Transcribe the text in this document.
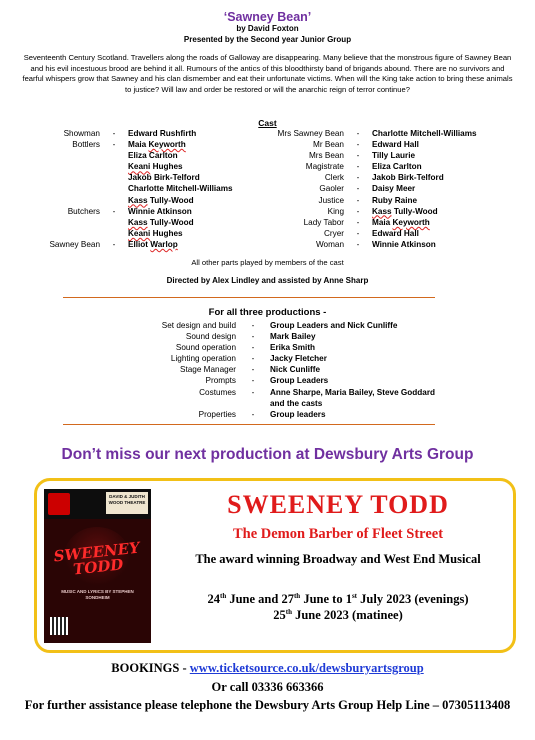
‘Sawney Bean’
by David Foxton
Presented by the Second year Junior Group
Seventeenth Century Scotland. Travellers along the roads of Galloway are disappearing. Many believe that the monstrous figure of Sawney Bean and his evil incestuous brood are behind it all. Rumours of the antics of this bloodthirsty band of brigands abound. There are no survivors and fearful whispers grow that Sawney and his clan dismember and eat their unfortunate victims. When will the King take action to bring these animals to justice? Will law and order be restored or will the anarchic reign of terror continue?
Cast
Showman	-	Edward Rushfirth
Bottlers	-	Maia Keyworth
Eliza Carlton
Keani Hughes
Jakob Birk-Telford
Charlotte Mitchell-Williams
Kass Tully-Wood
Butchers	-	Winnie Atkinson
Kass Tully-Wood
Keani Hughes
Sawney Bean	-	Elliot Warlop
Mrs Sawney Bean	-	Charlotte Mitchell-Williams
Mr Bean	-	Edward Hall
Mrs Bean	-	Tilly Laurie
Magistrate	-	Eliza Carlton
Clerk	-	Jakob Birk-Telford
Gaoler	-	Daisy Meer
Justice	-	Ruby Raine
King	-	Kass Tully-Wood
Lady Tabor	-	Maia Keyworth
Cryer	-	Edward Hall
Woman	-	Winnie Atkinson
All other parts played by members of the cast
Directed by Alex Lindley and assisted by Anne Sharp
For all three productions -
Set design and build	-	Group Leaders and Nick Cunliffe
Sound design	-	Mark Bailey
Sound operation	-	Erika Smith
Lighting operation	-	Jacky Fletcher
Stage Manager	-	Nick Cunliffe
Prompts	-	Group Leaders
Costumes	-	Anne Sharpe, Maria Bailey, Steve Goddard
and the casts
Properties	-	Group leaders
Don’t miss our next production at Dewsbury Arts Group
DAVID & JUDITH WOOD THEATRE
SWEENEY TODD
MUSIC AND LYRICS BY STEPHEN SONDHEIM
SWEENEY TODD
The Demon Barber of Fleet Street
The award winning Broadway and West End Musical
24th June and 27th June to 1st July 2023 (evenings)
25th June 2023 (matinee)
BOOKINGS - www.ticketsource.co.uk/dewsburyartsgroup
Or call 03336 663366
For further assistance please telephone the Dewsbury Arts Group Help Line – 07305113408
